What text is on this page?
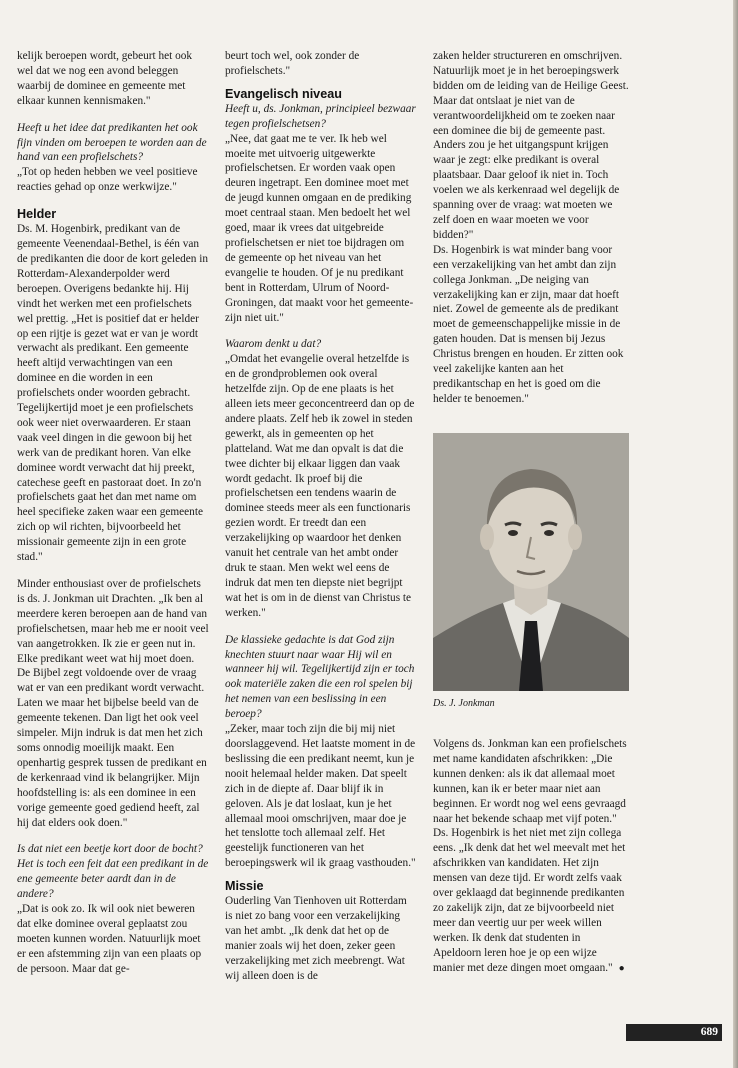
kelijk beroepen wordt, gebeurt het ook wel dat we nog een avond beleggen waarbij de dominee en gemeente met elkaar kunnen kennismaken."

Heeft u het idee dat predikanten het ook fijn vinden om beroepen te worden aan de hand van een profielschets?
„Tot op heden hebben we veel positieve reacties gehad op onze werkwijze."

Helder

Ds. M. Hogenbirk, predikant van de gemeente Veenendaal-Bethel, is één van de predikanten die door de kort geleden in Rotterdam-Alexanderpolder werd beroepen. Overigens bedankte hij. Hij vindt het werken met een profielschets wel prettig. „Het is positief dat er helder op een rijtje is gezet wat er van je wordt verwacht als predikant. Een gemeente heeft altijd verwachtingen van een dominee en die worden in een profielschets onder woorden gebracht. Tegelijkertijd moet je een profielschets ook weer niet overwaarderen. Er staan vaak veel dingen in die gewoon bij het werk van de predikant horen. Van elke dominee wordt verwacht dat hij preekt, catechese geeft en pastoraat doet. In zo'n profielschets gaat het dan met name om heel specifieke zaken waar een gemeente zich op wil richten, bijvoorbeeld het missionair gemeente zijn in een grote stad."

Minder enthousiast over de profielschets is ds. J. Jonkman uit Drachten. „Ik ben al meerdere keren beroepen aan de hand van profielschetsen, maar heb me er nooit veel van aangetrokken. Ik zie er geen nut in. Elke predikant weet wat hij moet doen. De Bijbel zegt voldoende over de vraag wat er van een predikant wordt verwacht. Laten we maar het bijbelse beeld van de gemeente tekenen. Dan ligt het ook veel simpeler. Mijn indruk is dat men het zich soms onnodig moeilijk maakt. Een openhartig gesprek tussen de predikant en de kerkenraad vind ik belangrijker. Mijn hoofdstelling is: als een dominee in een vorige gemeente goed gediend heeft, zal hij dat elders ook doen."

Is dat niet een beetje kort door de bocht? Het is toch een feit dat een predikant in de ene gemeente beter aardt dan in de andere?
„Dat is ook zo. Ik wil ook niet beweren dat elke dominee overal geplaatst zou moeten kunnen worden. Natuurlijk moet er een afstemming zijn van een plaats op de persoon. Maar dat ge-

beurt toch wel, ook zonder de profielschets."

Evangelisch niveau

Heeft u, ds. Jonkman, principieel bezwaar tegen profielschetsen?
„Nee, dat gaat me te ver. Ik heb wel moeite met uitvoerig uitgewerkte profielschetsen. Er worden vaak open deuren ingetrapt. Een dominee moet met de jeugd kunnen omgaan en de prediking moet centraal staan. Men bedoelt het wel goed, maar ik vrees dat uitgebreide profielschetsen er niet toe bijdragen om de gemeente op het niveau van het evangelie te houden. Of je nu predikant bent in Rotterdam, Ulrum of Noord-Groningen, dat maakt voor het gemeente-zijn niet uit."

Waarom denkt u dat?
„Omdat het evangelie overal hetzelfde is en de grondproblemen ook overal hetzelfde zijn. Op de ene plaats is het alleen iets meer geconcentreerd dan op de andere plaats. Zelf heb ik zowel in steden gewerkt, als in gemeenten op het platteland. Wat me dan opvalt is dat die twee dichter bij elkaar liggen dan vaak wordt gedacht. Ik proef bij die profielschetsen een tendens waarin de dominee steeds meer als een functionaris gezien wordt. Er treedt dan een verzakelijking op waardoor het denken vanuit het centrale van het ambt onder druk te staan. Men wekt wel eens de indruk dat men ten diepste niet begrijpt wat het is om in de dienst van Christus te werken."

De klassieke gedachte is dat God zijn knechten stuurt naar waar Hij wil en wanneer hij wil. Tegelijkertijd zijn er toch ook materiële zaken die een rol spelen bij het nemen van een beslissing in een beroep?
„Zeker, maar toch zijn die bij mij niet doorslaggevend. Het laatste moment in de beslissing die een predikant neemt, kun je nooit helemaal helder maken. Dat speelt zich in de diepte af. Daar blijf ik in geloven. Als je dat loslaat, kun je het allemaal mooi omschrijven, maar doe je het tenslotte toch allemaal zelf. Het geestelijk functioneren van het beroepingswerk wil ik graag vasthouden."

Missie

Ouderling Van Tienhoven uit Rotterdam is niet zo bang voor een verzakelijking van het ambt. „Ik denk dat het op de manier zoals wij het doen, zeker geen verzakelijking met zich meebrengt. Wat wij alleen doen is de

zaken helder structureren en omschrijven. Natuurlijk moet je in het beroepingswerk bidden om de leiding van de Heilige Geest. Maar dat ontslaat je niet van de verantwoordelijkheid om te zoeken naar een dominee die bij de gemeente past. Anders zou je het uitgangspunt krijgen waar je zegt: elke predikant is overal plaatsbaar. Daar geloof ik niet in. Toch voelen we als kerkenraad wel degelijk de spanning over de vraag: wat moeten we zelf doen en waar moeten we voor bidden?"

Ds. Hogenbirk is wat minder bang voor een verzakelijking van het ambt dan zijn collega Jonkman. „De neiging van verzakelijking kan er zijn, maar dat hoeft niet. Zowel de gemeente als de predikant moet de gemeenschappelijke missie in de gaten houden. Dat is mensen bij Jezus Christus brengen en houden. Er zitten ook veel zakelijke kanten aan het predikantschap en het is goed om die helder te benoemen."

Ds. J. Jonkman

Volgens ds. Jonkman kan een profielschets met name kandidaten afschrikken: „Die kunnen denken: als ik dat allemaal moet kunnen, kan ik er beter maar niet aan beginnen. Er wordt nog wel eens gevraagd naar het bekende schaap met vijf poten." Ds. Hogenbirk is het niet met zijn collega eens. „Ik denk dat het wel meevalt met het afschrikken van kandidaten. Het zijn mensen van deze tijd. Er wordt zelfs vaak over geklaagd dat beginnende predikanten zo zakelijk zijn, dat ze bijvoorbeeld niet meer dan veertig uur per week willen werken. Ik denk dat studenten in Apeldoorn leren hoe je op een wijze manier met deze dingen moet omgaan." ●

689
